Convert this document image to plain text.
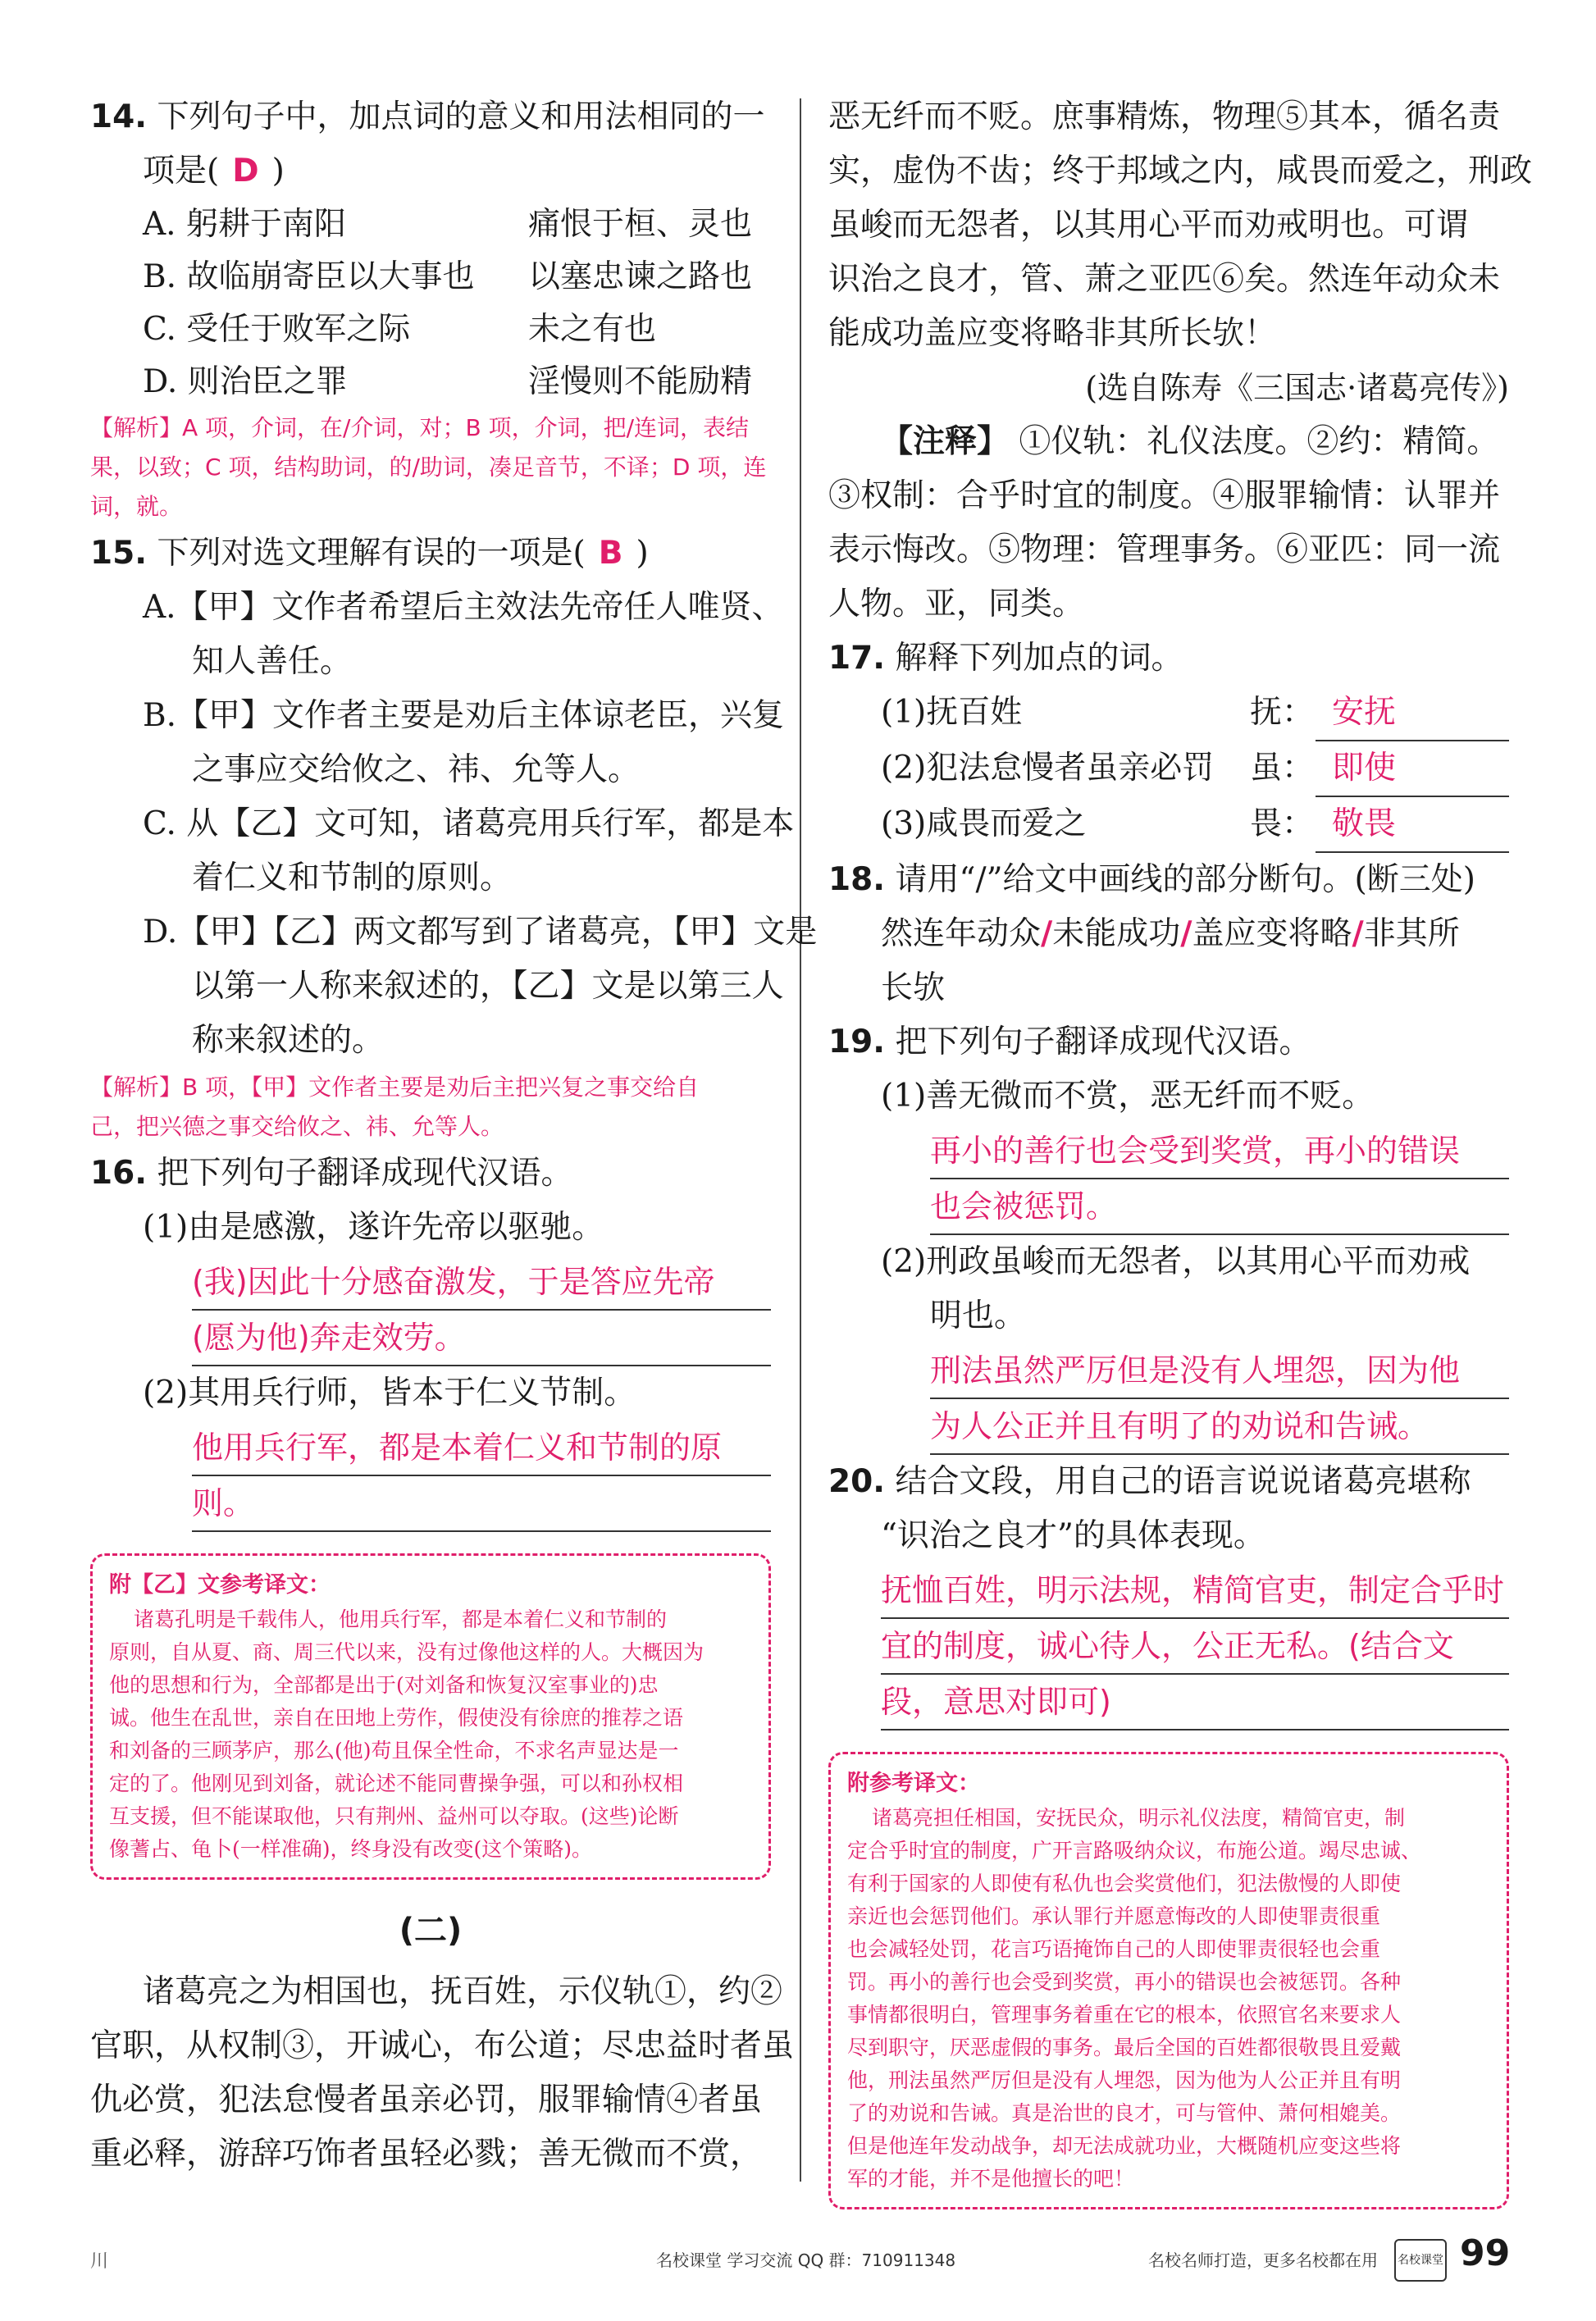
14. 下列句子中，加点词的意义和用法相同的一
项是( D )
A. 躬耕于南阳	痛恨于桓、灵也
B. 故临崩寄臣以大事也	以塞忠谏之路也
C. 受任于败军之际	未之有也
D. 则治臣之罪	淫慢则不能励精
【解析】A 项，介词，在/介词，对；B 项，介词，把/连词，表结
果，以致；C 项，结构助词，的/助词，凑足音节，不译；D 项，连
词，就。
15. 下列对选文理解有误的一项是( B )
A.【甲】文作者希望后主效法先帝任人唯贤、
知人善任。
B.【甲】文作者主要是劝后主体谅老臣，兴复
之事应交给攸之、祎、允等人。
C. 从【乙】文可知，诸葛亮用兵行军，都是本
着仁义和节制的原则。
D.【甲】【乙】两文都写到了诸葛亮，【甲】文是
以第一人称来叙述的，【乙】文是以第三人
称来叙述的。
【解析】B 项，【甲】文作者主要是劝后主把兴复之事交给自
己，把兴德之事交给攸之、祎、允等人。
16. 把下列句子翻译成现代汉语。
(1)由是感激，遂许先帝以驱驰。
(我)因此十分感奋激发，于是答应先帝
(愿为他)奔走效劳。
(2)其用兵行师，皆本于仁义节制。
他用兵行军，都是本着仁义和节制的原
则。
附【乙】文参考译文：
诸葛孔明是千载伟人，他用兵行军，都是本着仁义和节制的
原则，自从夏、商、周三代以来，没有过像他这样的人。大概因为
他的思想和行为，全部都是出于(对刘备和恢复汉室事业的)忠
诚。他生在乱世，亲自在田地上劳作，假使没有徐庶的推荐之语
和刘备的三顾茅庐，那么(他)苟且保全性命，不求名声显达是一
定的了。他刚见到刘备，就论述不能同曹操争强，可以和孙权相
互支援，但不能谋取他，只有荆州、益州可以夺取。(这些)论断
像蓍占、龟卜(一样准确)，终身没有改变(这个策略)。
(二)
诸葛亮之为相国也，抚百姓，示仪轨①，约②
官职，从权制③，开诚心，布公道；尽忠益时者虽
仇必赏，犯法怠慢者虽亲必罚，服罪输情④者虽
重必释，游辞巧饰者虽轻必戮；善无微而不赏，
恶无纤而不贬。庶事精炼，物理⑤其本，循名责
实，虚伪不齿；终于邦域之内，咸畏而爱之，刑政
虽峻而无怨者，以其用心平而劝戒明也。可谓
识治之良才，管、萧之亚匹⑥矣。然连年动众未
能成功盖应变将略非其所长欤！
(选自陈寿《三国志·诸葛亮传》)
【注释】 ①仪轨：礼仪法度。②约：精简。
③权制：合乎时宜的制度。④服罪输情：认罪并
表示悔改。⑤物理：管理事务。⑥亚匹：同一流
人物。亚，同类。
17. 解释下列加点的词。
(1)抚百姓	抚： 安抚
(2)犯法怠慢者虽亲必罚	虽： 即使
(3)咸畏而爱之	畏： 敬畏
18. 请用“/”给文中画线的部分断句。(断三处)
然连年动众/未能成功/盖应变将略/非其所
长欤
19. 把下列句子翻译成现代汉语。
(1)善无微而不赏，恶无纤而不贬。
再小的善行也会受到奖赏，再小的错误
也会被惩罚。
(2)刑政虽峻而无怨者，以其用心平而劝戒
明也。
刑法虽然严厉但是没有人埋怨，因为他
为人公正并且有明了的劝说和告诫。
20. 结合文段，用自己的语言说说诸葛亮堪称
“识治之良才”的具体表现。
抚恤百姓，明示法规，精简官吏，制定合乎时
宜的制度，诚心待人，公正无私。(结合文
段，意思对即可)
附参考译文：
诸葛亮担任相国，安抚民众，明示礼仪法度，精简官吏，制
定合乎时宜的制度，广开言路吸纳众议，布施公道。竭尽忠诚、
有利于国家的人即使有私仇也会奖赏他们，犯法傲慢的人即使
亲近也会惩罚他们。承认罪行并愿意悔改的人即使罪责很重
也会减轻处罚，花言巧语掩饰自己的人即使罪责很轻也会重
罚。再小的善行也会受到奖赏，再小的错误也会被惩罚。各种
事情都很明白，管理事务着重在它的根本，依照官名来要求人
尽到职守，厌恶虚假的事务。最后全国的百姓都很敬畏且爱戴
他，刑法虽然严厉但是没有人埋怨，因为他为人公正并且有明
了的劝说和告诫。真是治世的良才，可与管仲、萧何相媲美。
但是他连年发动战争，却无法成就功业，大概随机应变这些将
军的才能，并不是他擅长的吧！
川	名校课堂 学习交流 QQ 群：710911348	名校名师打造，更多名校都在用 名校课堂 99
